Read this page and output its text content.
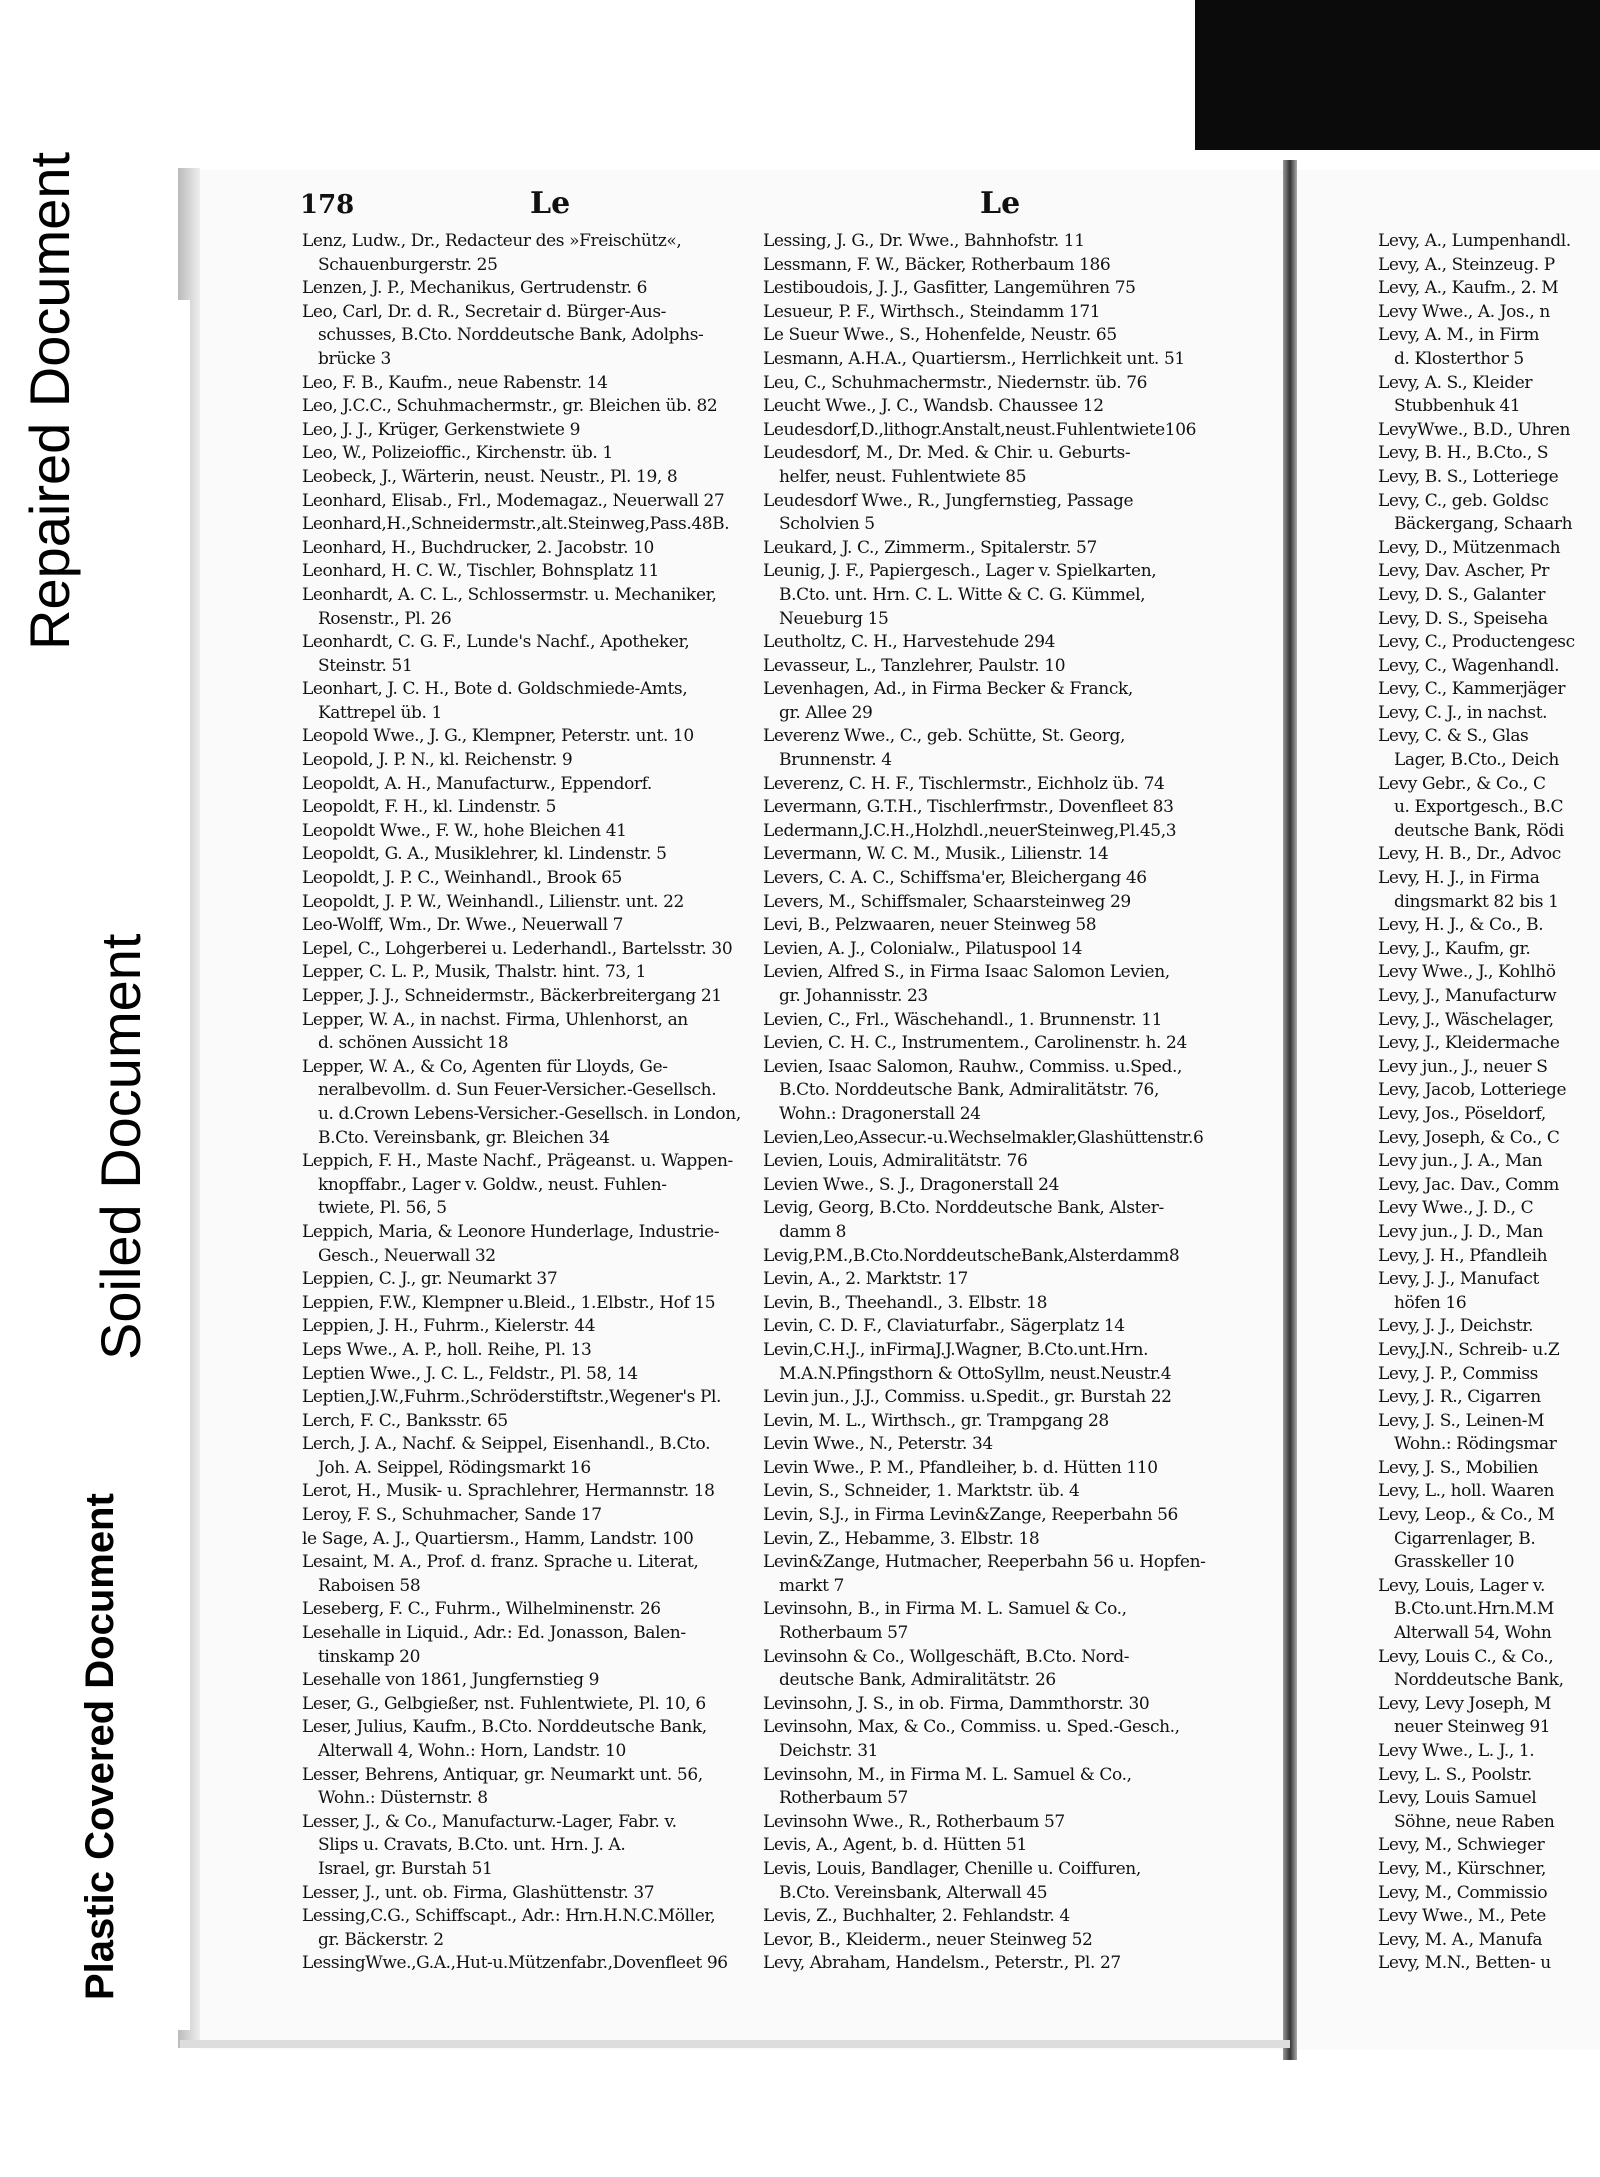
Repaired Document
Soiled Document
Plastic Covered Document
178	Le	Le
Lenz, Ludw., Dr., Redacteur des »Freischütz«,
Schauenburgerstr. 25
Lenzen, J. P., Mechanikus, Gertrudenstr. 6
Leo, Carl, Dr. d. R., Secretair d. Bürger-Aus-
schusses, B.Cto. Norddeutsche Bank, Adolphs-
brücke 3
Leo, F. B., Kaufm., neue Rabenstr. 14
Leo, J.C.C., Schuhmachermstr., gr. Bleichen üb. 82
Leo, J. J., Krüger, Gerkenstwiete 9
Leo, W., Polizeioffic., Kirchenstr. üb. 1
Leobeck, J., Wärterin, neust. Neustr., Pl. 19, 8
Leonhard, Elisab., Frl., Modemagaz., Neuerwall 27
Leonhard,H.,Schneidermstr.,alt.Steinweg,Pass.48B.
Leonhard, H., Buchdrucker, 2. Jacobstr. 10
Leonhard, H. C. W., Tischler, Bohnsplatz 11
Leonhardt, A. C. L., Schlossermstr. u. Mechaniker,
Rosenstr., Pl. 26
Leonhardt, C. G. F., Lunde's Nachf., Apotheker,
Steinstr. 51
Leonhart, J. C. H., Bote d. Goldschmiede-Amts,
Kattrepel üb. 1
Leopold Wwe., J. G., Klempner, Peterstr. unt. 10
Leopold, J. P. N., kl. Reichenstr. 9
Leopoldt, A. H., Manufacturw., Eppendorf.
Leopoldt, F. H., kl. Lindenstr. 5
Leopoldt Wwe., F. W., hohe Bleichen 41
Leopoldt, G. A., Musiklehrer, kl. Lindenstr. 5
Leopoldt, J. P. C., Weinhandl., Brook 65
Leopoldt, J. P. W., Weinhandl., Lilienstr. unt. 22
Leo-Wolff, Wm., Dr. Wwe., Neuerwall 7
Lepel, C., Lohgerberei u. Lederhandl., Bartelsstr. 30
Lepper, C. L. P., Musik, Thalstr. hint. 73, 1
Lepper, J. J., Schneidermstr., Bäckerbreitergang 21
Lepper, W. A., in nachst. Firma, Uhlenhorst, an
d. schönen Aussicht 18
Lepper, W. A., & Co, Agenten für Lloyds, Ge-
neralbevollm. d. Sun Feuer-Versicher.-Gesellsch.
u. d.Crown Lebens-Versicher.-Gesellsch. in London,
B.Cto. Vereinsbank, gr. Bleichen 34
Leppich, F. H., Maste Nachf., Prägeanst. u. Wappen-
knopffabr., Lager v. Goldw., neust. Fuhlen-
twiete, Pl. 56, 5
Leppich, Maria, & Leonore Hunderlage, Industrie-
Gesch., Neuerwall 32
Leppien, C. J., gr. Neumarkt 37
Leppien, F.W., Klempner u.Bleid., 1.Elbstr., Hof 15
Leppien, J. H., Fuhrm., Kielerstr. 44
Leps Wwe., A. P., holl. Reihe, Pl. 13
Leptien Wwe., J. C. L., Feldstr., Pl. 58, 14
Leptien,J.W.,Fuhrm.,Schröderstiftstr.,Wegener's Pl.
Lerch, F. C., Banksstr. 65
Lerch, J. A., Nachf. & Seippel, Eisenhandl., B.Cto.
Joh. A. Seippel, Rödingsmarkt 16
Lerot, H., Musik- u. Sprachlehrer, Hermannstr. 18
Leroy, F. S., Schuhmacher, Sande 17
le Sage, A. J., Quartiersm., Hamm, Landstr. 100
Lesaint, M. A., Prof. d. franz. Sprache u. Literat,
Raboisen 58
Leseberg, F. C., Fuhrm., Wilhelminenstr. 26
Lesehalle in Liquid., Adr.: Ed. Jonasson, Balen-
tinskamp 20
Lesehalle von 1861, Jungfernstieg 9
Leser, G., Gelbgießer, nst. Fuhlentwiete, Pl. 10, 6
Leser, Julius, Kaufm., B.Cto. Norddeutsche Bank,
Alterwall 4, Wohn.: Horn, Landstr. 10
Lesser, Behrens, Antiquar, gr. Neumarkt unt. 56,
Wohn.: Düsternstr. 8
Lesser, J., & Co., Manufacturw.-Lager, Fabr. v.
Slips u. Cravats, B.Cto. unt. Hrn. J. A.
Israel, gr. Burstah 51
Lesser, J., unt. ob. Firma, Glashüttenstr. 37
Lessing,C.G., Schiffscapt., Adr.: Hrn.H.N.C.Möller,
gr. Bäckerstr. 2
LessingWwe.,G.A.,Hut-u.Mützenfabr.,Dovenfleet 96
Lessing, J. G., Dr. Wwe., Bahnhofstr. 11
Lessmann, F. W., Bäcker, Rotherbaum 186
Lestiboudois, J. J., Gasfitter, Langemühren 75
Lesueur, P. F., Wirthsch., Steindamm 171
Le Sueur Wwe., S., Hohenfelde, Neustr. 65
Lesmann, A.H.A., Quartiersm., Herrlichkeit unt. 51
Leu, C., Schuhmachermstr., Niedernstr. üb. 76
Leucht Wwe., J. C., Wandsb. Chaussee 12
Leudesdorf,D.,lithogr.Anstalt,neust.Fuhlentwiete106
Leudesdorf, M., Dr. Med. & Chir. u. Geburts-
helfer, neust. Fuhlentwiete 85
Leudesdorf Wwe., R., Jungfernstieg, Passage
Scholvien 5
Leukard, J. C., Zimmerm., Spitalerstr. 57
Leunig, J. F., Papiergesch., Lager v. Spielkarten,
B.Cto. unt. Hrn. C. L. Witte & C. G. Kümmel,
Neueburg 15
Leutholtz, C. H., Harvestehude 294
Levasseur, L., Tanzlehrer, Paulstr. 10
Levenhagen, Ad., in Firma Becker & Franck,
gr. Allee 29
Leverenz Wwe., C., geb. Schütte, St. Georg,
Brunnenstr. 4
Leverenz, C. H. F., Tischlermstr., Eichholz üb. 74
Levermann, G.T.H., Tischlerfrmstr., Dovenfleet 83
Ledermann,J.C.H.,Holzhdl.,neuerSteinweg,Pl.45,3
Levermann, W. C. M., Musik., Lilienstr. 14
Levers, C. A. C., Schiffsma'er, Bleichergang 46
Levers, M., Schiffsmaler, Schaarsteinweg 29
Levi, B., Pelzwaaren, neuer Steinweg 58
Levien, A. J., Colonialw., Pilatuspool 14
Levien, Alfred S., in Firma Isaac Salomon Levien,
gr. Johannisstr. 23
Levien, C., Frl., Wäschehandl., 1. Brunnenstr. 11
Levien, C. H. C., Instrumentem., Carolinenstr. h. 24
Levien, Isaac Salomon, Rauhw., Commiss. u.Sped.,
B.Cto. Norddeutsche Bank, Admiralitätstr. 76,
Wohn.: Dragonerstall 24
Levien,Leo,Assecur.-u.Wechselmakler,Glashüttenstr.6
Levien, Louis, Admiralitätstr. 76
Levien Wwe., S. J., Dragonerstall 24
Levig, Georg, B.Cto. Norddeutsche Bank, Alster-
damm 8
Levig,P.M.,B.Cto.NorddeutscheBank,Alsterdamm8
Levin, A., 2. Marktstr. 17
Levin, B., Theehandl., 3. Elbstr. 18
Levin, C. D. F., Claviaturfabr., Sägerplatz 14
Levin,C.H.J., inFirmaJ.J.Wagner, B.Cto.unt.Hrn.
M.A.N.Pfingsthorn & OttoSyllm, neust.Neustr.4
Levin jun., J.J., Commiss. u.Spedit., gr. Burstah 22
Levin, M. L., Wirthsch., gr. Trampgang 28
Levin Wwe., N., Peterstr. 34
Levin Wwe., P. M., Pfandleiher, b. d. Hütten 110
Levin, S., Schneider, 1. Marktstr. üb. 4
Levin, S.J., in Firma Levin&Zange, Reeperbahn 56
Levin, Z., Hebamme, 3. Elbstr. 18
Levin&Zange, Hutmacher, Reeperbahn 56 u. Hopfen-
markt 7
Levinsohn, B., in Firma M. L. Samuel & Co.,
Rotherbaum 57
Levinsohn & Co., Wollgeschäft, B.Cto. Nord-
deutsche Bank, Admiralitätstr. 26
Levinsohn, J. S., in ob. Firma, Dammthorstr. 30
Levinsohn, Max, & Co., Commiss. u. Sped.-Gesch.,
Deichstr. 31
Levinsohn, M., in Firma M. L. Samuel & Co.,
Rotherbaum 57
Levinsohn Wwe., R., Rotherbaum 57
Levis, A., Agent, b. d. Hütten 51
Levis, Louis, Bandlager, Chenille u. Coiffuren,
B.Cto. Vereinsbank, Alterwall 45
Levis, Z., Buchhalter, 2. Fehlandstr. 4
Levor, B., Kleiderm., neuer Steinweg 52
Levy, Abraham, Handelsm., Peterstr., Pl. 27
Levy, A., Lumpenhandl.
Levy, A., Steinzeug. P
Levy, A., Kaufm., 2. M
Levy Wwe., A. Jos., n
Levy, A. M., in Firm
d. Klosterthor 5
Levy, A. S., Kleider
Stubbenhuk 41
LevyWwe., B.D., Uhren
Levy, B. H., B.Cto., S
Levy, B. S., Lotteriege
Levy, C., geb. Goldsc
Bäckergang, Schaarh
Levy, D., Mützenmach
Levy, Dav. Ascher, Pr
Levy, D. S., Galanter
Levy, D. S., Speiseha
Levy, C., Productengesc
Levy, C., Wagenhandl.
Levy, C., Kammerjäger
Levy, C. J., in nachst.
Levy, C. & S., Glas
Lager, B.Cto., Deich
Levy Gebr., & Co., C
u. Exportgesch., B.C
deutsche Bank, Rödi
Levy, H. B., Dr., Advoc
Levy, H. J., in Firma
dingsmarkt 82 bis 1
Levy, H. J., & Co., B.
Levy, J., Kaufm, gr.
Levy Wwe., J., Kohlhö
Levy, J., Manufacturw
Levy, J., Wäschelager,
Levy, J., Kleidermache
Levy jun., J., neuer S
Levy, Jacob, Lotteriege
Levy, Jos., Pöseldorf,
Levy, Joseph, & Co., C
Levy jun., J. A., Man
Levy, Jac. Dav., Comm
Levy Wwe., J. D., C
Levy jun., J. D., Man
Levy, J. H., Pfandleih
Levy, J. J., Manufact
höfen 16
Levy, J. J., Deichstr.
Levy,J.N., Schreib- u.Z
Levy, J. P., Commiss
Levy, J. R., Cigarren
Levy, J. S., Leinen-M
Wohn.: Rödingsmar
Levy, J. S., Mobilien
Levy, L., holl. Waaren
Levy, Leop., & Co., M
Cigarrenlager, B.
Grasskeller 10
Levy, Louis, Lager v.
B.Cto.unt.Hrn.M.M
Alterwall 54, Wohn
Levy, Louis C., & Co.,
Norddeutsche Bank,
Levy, Levy Joseph, M
neuer Steinweg 91
Levy Wwe., L. J., 1.
Levy, L. S., Poolstr.
Levy, Louis Samuel
Söhne, neue Raben
Levy, M., Schwieger
Levy, M., Kürschner,
Levy, M., Commissio
Levy Wwe., M., Pete
Levy, M. A., Manufa
Levy, M.N., Betten- u
